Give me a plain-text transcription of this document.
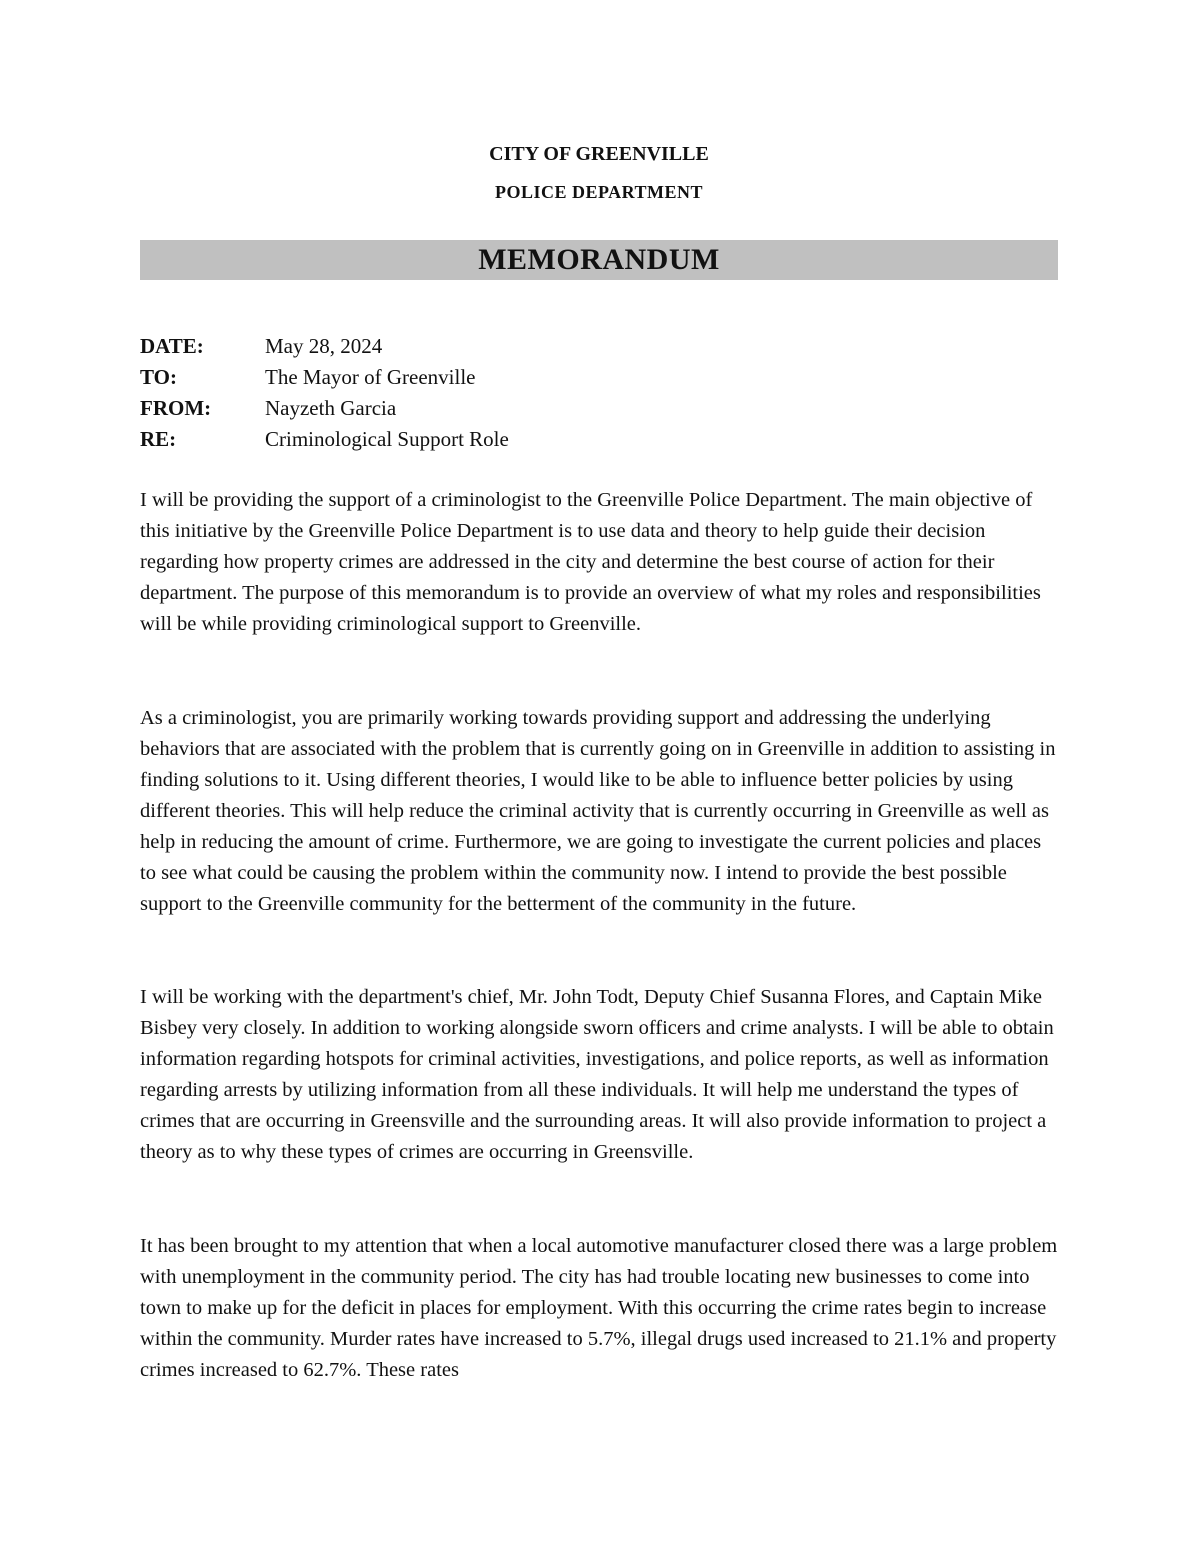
CITY OF GREENVILLE
POLICE DEPARTMENT
MEMORANDUM
DATE:	May 28, 2024
TO:	The Mayor of Greenville
FROM:	Nayzeth Garcia
RE:	Criminological Support Role

I will be providing the support of a criminologist to the Greenville Police Department. The main objective of this initiative by the Greenville Police Department is to use data and theory to help guide their decision regarding how property crimes are addressed in the city and determine the best course of action for their department. The purpose of this memorandum is to provide an overview of what my roles and responsibilities will be while providing criminological support to Greenville.

As a criminologist, you are primarily working towards providing support and addressing the underlying behaviors that are associated with the problem that is currently going on in Greenville in addition to assisting in finding solutions to it. Using different theories, I would like to be able to influence better policies by using different theories. This will help reduce the criminal activity that is currently occurring in Greenville as well as help in reducing the amount of crime. Furthermore, we are going to investigate the current policies and places to see what could be causing the problem within the community now. I intend to provide the best possible support to the Greenville community for the betterment of the community in the future.

I will be working with the department's chief, Mr. John Todt, Deputy Chief Susanna Flores, and Captain Mike Bisbey very closely. In addition to working alongside sworn officers and crime analysts. I will be able to obtain information regarding hotspots for criminal activities, investigations, and police reports, as well as information regarding arrests by utilizing information from all these individuals. It will help me understand the types of crimes that are occurring in Greensville and the surrounding areas. It will also provide information to project a theory as to why these types of crimes are occurring in Greensville.

It has been brought to my attention that when a local automotive manufacturer closed there was a large problem with unemployment in the community period. The city has had trouble locating new businesses to come into town to make up for the deficit in places for employment. With this occurring the crime rates begin to increase within the community. Murder rates have increased to 5.7%, illegal drugs used increased to 21.1% and property crimes increased to 62.7%. These rates
